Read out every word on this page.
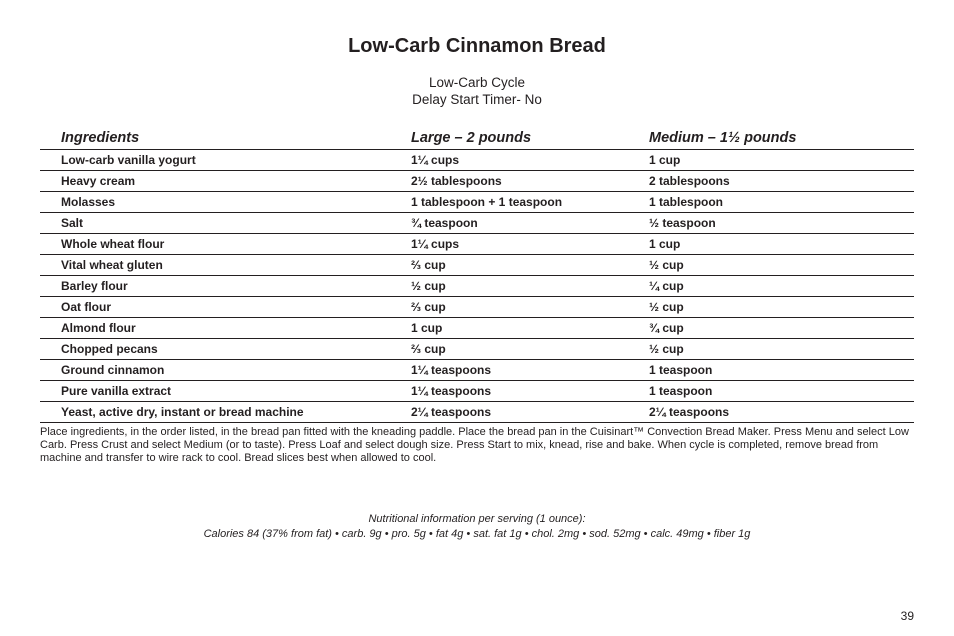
Low-Carb Cinnamon Bread
Low-Carb Cycle
Delay Start Timer- No
Ingredients	Large – 2 pounds	Medium – 1½ pounds
Low-carb vanilla yogurt	1¼ cups	1 cup
Heavy cream	2½ tablespoons	2 tablespoons
Molasses	1 tablespoon + 1 teaspoon	1 tablespoon
Salt	¾ teaspoon	½ teaspoon
Whole wheat flour	1¼ cups	1 cup
Vital wheat gluten	⅔ cup	½ cup
Barley flour	½ cup	¼ cup
Oat flour	⅔ cup	½ cup
Almond flour	1 cup	¾ cup
Chopped pecans	⅔ cup	½ cup
Ground cinnamon	1¼ teaspoons	1 teaspoon
Pure vanilla extract	1¼ teaspoons	1 teaspoon
Yeast, active dry, instant or bread machine	2¼ teaspoons	2¼ teaspoons
Place ingredients, in the order listed, in the bread pan fitted with the kneading paddle. Place the bread pan in the Cuisinart™ Convection Bread Maker. Press Menu and select Low Carb. Press Crust and select Medium (or to taste). Press Loaf and select dough size. Press Start to mix, knead, rise and bake. When cycle is completed, remove bread from machine and transfer to wire rack to cool. Bread slices best when allowed to cool.
Nutritional information per serving (1 ounce):
Calories 84 (37% from fat) • carb. 9g • pro. 5g • fat 4g • sat. fat 1g • chol. 2mg • sod. 52mg • calc. 49mg • fiber 1g
39
